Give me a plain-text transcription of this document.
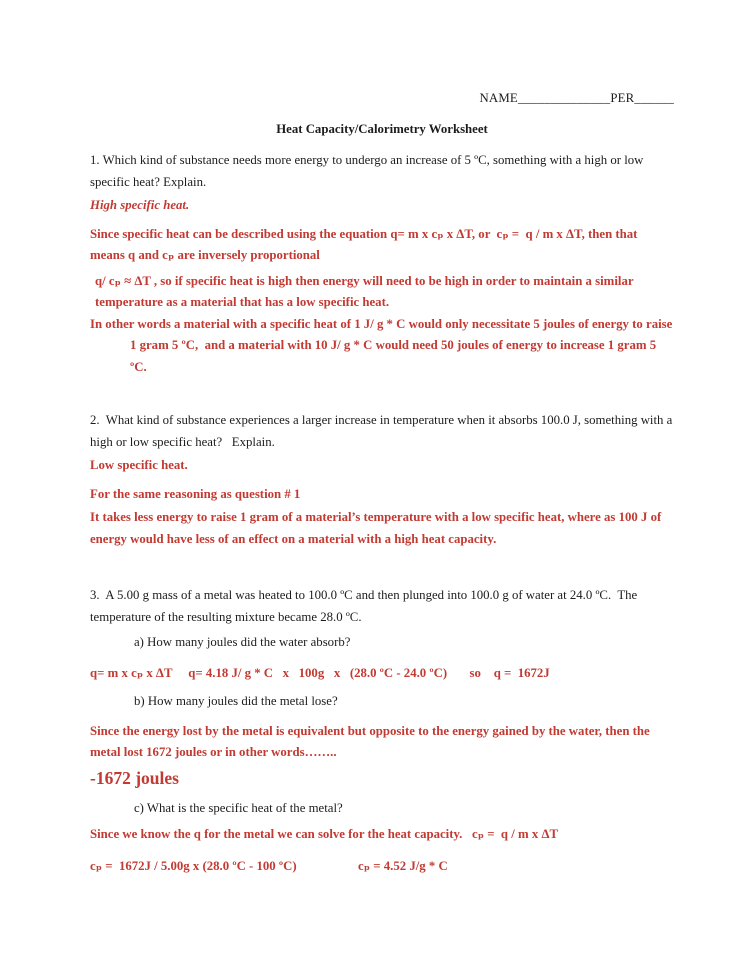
NAME______________PER______

Heat Capacity/Calorimetry Worksheet

1. Which kind of substance needs more energy to undergo an increase of 5 ºC, something with a high or low specific heat? Explain.

High specific heat.

Since specific heat can be described using the equation q= m x cₚ x ΔT, or  cₚ =  q / m x ΔT, then that means q and cₚ are inversely proportional

q/ cₚ ≈ ΔT , so if specific heat is high then energy will need to be high in order to maintain a similar temperature as a material that has a low specific heat.

In other words a material with a specific heat of 1 J/ g * C would only necessitate 5 joules of energy to raise 1 gram 5 ºC,  and a material with 10 J/ g * C would need 50 joules of energy to increase 1 gram 5 ºC.

2.  What kind of substance experiences a larger increase in temperature when it absorbs 100.0 J, something with a high or low specific heat?   Explain.

Low specific heat.

For the same reasoning as question # 1

It takes less energy to raise 1 gram of a material’s temperature with a low specific heat, where as 100 J of energy would have less of an effect on a material with a high heat capacity.

3.  A 5.00 g mass of a metal was heated to 100.0 ºC and then plunged into 100.0 g of water at 24.0 ºC.  The temperature of the resulting mixture became 28.0 ºC.

a) How many joules did the water absorb?

q= m x cₚ x ΔT     q= 4.18 J/ g * C   x   100g   x   (28.0 ºC - 24.0 ºC)       so    q =  1672J

b) How many joules did the metal lose?

Since the energy lost by the metal is equivalent but opposite to the energy gained by the water, then the metal lost 1672 joules or in other words……..

-1672 joules

c) What is the specific heat of the metal?

Since we know the q for the metal we can solve for the heat capacity.   cₚ =  q / m x ΔT

cₚ =  1672J / 5.00g x (28.0 ºC - 100 ºC)	cₚ = 4.52 J/g * C
